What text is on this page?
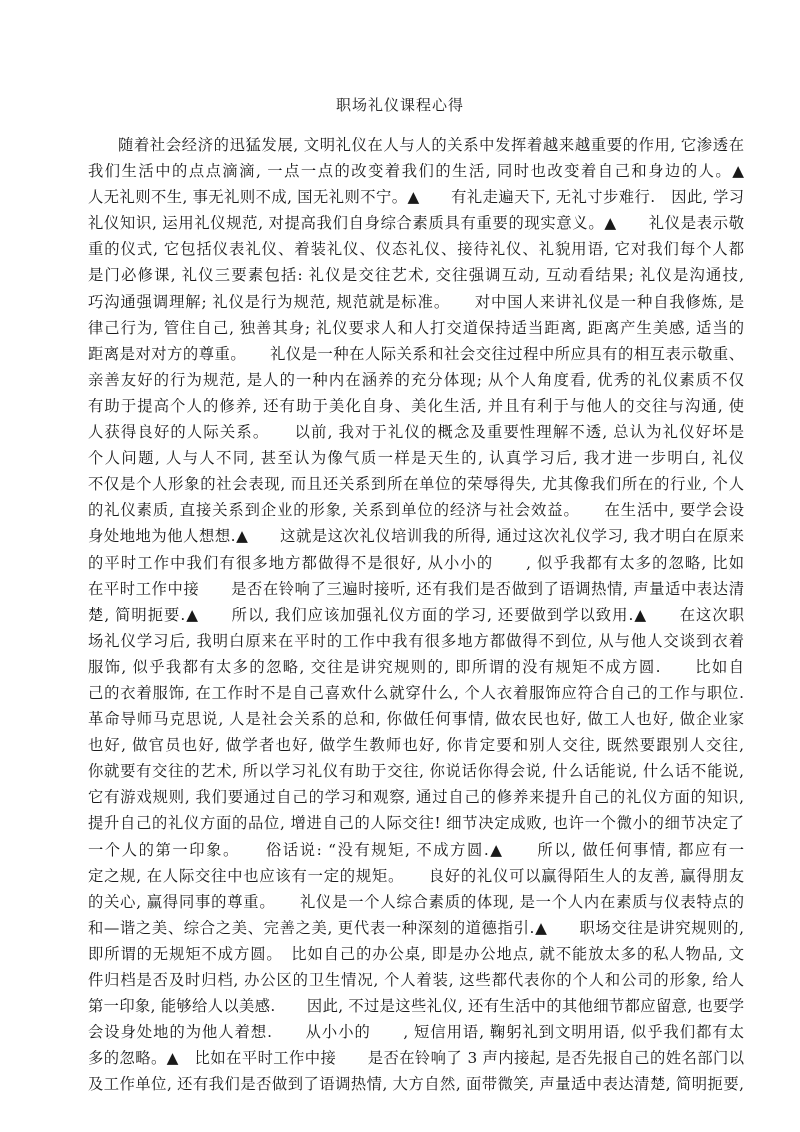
职场礼仪课程心得
随着社会经济的迅猛发展, 文明礼仪在人与人的关系中发挥着越来越重要的作用, 它渗透在
我们生活中的点点滴滴, 一点一点的改变着我们的生活, 同时也改变着自己和身边的人。▲
人无礼则不生, 事无礼则不成, 国无礼则不宁。▲　　有礼走遍天下, 无礼寸步难行.　因此, 学习
礼仪知识, 运用礼仪规范, 对提高我们自身综合素质具有重要的现实意义。▲　　礼仪是表示敬
重的仪式, 它包括仪表礼仪、着装礼仪、仪态礼仪、接待礼仪、礼貌用语, 它对我们每个人都
是门必修课, 礼仪三要素包括: 礼仪是交往艺术, 交往强调互动, 互动看结果; 礼仪是沟通技,
巧沟通强调理解; 礼仪是行为规范, 规范就是标准。　　对中国人来讲礼仪是一种自我修炼, 是
律己行为, 管住自己, 独善其身; 礼仪要求人和人打交道保持适当距离, 距离产生美感, 适当的
距离是对对方的尊重。　　礼仪是一种在人际关系和社会交往过程中所应具有的相互表示敬重、
亲善友好的行为规范, 是人的一种内在涵养的充分体现; 从个人角度看, 优秀的礼仪素质不仅
有助于提高个人的修养, 还有助于美化自身、美化生活, 并且有利于与他人的交往与沟通, 使
人获得良好的人际关系。　　以前, 我对于礼仪的概念及重要性理解不透, 总认为礼仪好坏是
个人问题, 人与人不同, 甚至认为像气质一样是天生的, 认真学习后, 我才进一步明白, 礼仪
不仅是个人形象的社会表现, 而且还关系到所在单位的荣辱得失, 尤其像我们所在的行业, 个人
的礼仪素质, 直接关系到企业的形象, 关系到单位的经济与社会效益。　　在生活中, 要学会设
身处地地为他人想想.▲　　这就是这次礼仪培训我的所得, 通过这次礼仪学习, 我才明白在原来
的平时工作中我们有很多地方都做得不是很好, 从小小的　　, 似乎我都有太多的忽略, 比如
在平时工作中接　　是否在铃响了三遍时接听, 还有我们是否做到了语调热情, 声量适中表达清
楚, 简明扼要.▲　　所以, 我们应该加强礼仪方面的学习, 还要做到学以致用.▲　　在这次职
场礼仪学习后, 我明白原来在平时的工作中我有很多地方都做得不到位, 从与他人交谈到衣着
服饰, 似乎我都有太多的忽略, 交往是讲究规则的, 即所谓的没有规矩不成方圆.　　比如自
己的衣着服饰, 在工作时不是自己喜欢什么就穿什么, 个人衣着服饰应符合自己的工作与职位.
革命导师马克思说, 人是社会关系的总和, 你做任何事情, 做农民也好, 做工人也好, 做企业家
也好, 做官员也好, 做学者也好, 做学生教师也好, 你肯定要和别人交往, 既然要跟别人交往,
你就要有交往的艺术, 所以学习礼仪有助于交往, 你说话你得会说, 什么话能说, 什么话不能说,
它有游戏规则, 我们要通过自己的学习和观察, 通过自己的修养来提升自己的礼仪方面的知识,
提升自己的礼仪方面的品位, 增进自己的人际交往! 细节决定成败, 也许一个微小的细节决定了
一个人的第一印象。　　俗话说: “没有规矩, 不成方圆.▲　　所以, 做任何事情, 都应有一
定之规, 在人际交往中也应该有一定的规矩。　　良好的礼仪可以赢得陌生人的友善, 赢得朋友
的关心, 赢得同事的尊重。　　礼仪是一个人综合素质的体现, 是一个人内在素质与仪表特点的
和—谐之美、综合之美、完善之美, 更代表一种深刻的道德指引.▲　　职场交往是讲究规则的,
即所谓的无规矩不成方圆。　比如自己的办公桌, 即是办公地点, 就不能放太多的私人物品, 文
件归档是否及时归档, 办公区的卫生情况, 个人着装, 这些都代表你的个人和公司的形象, 给人
第一印象, 能够给人以美感.　　因此, 不过是这些礼仪, 还有生活中的其他细节都应留意, 也要学
会设身处地的为他人着想.　　从小小的　　, 短信用语, 鞠躬礼到文明用语, 似乎我们都有太
多的忽略。▲　比如在平时工作中接　　是否在铃响了 3 声内接起, 是否先报自己的姓名部门以
及工作单位, 还有我们是否做到了语调热情, 大方自然, 面带微笑, 声量适中表达清楚, 简明扼要,
